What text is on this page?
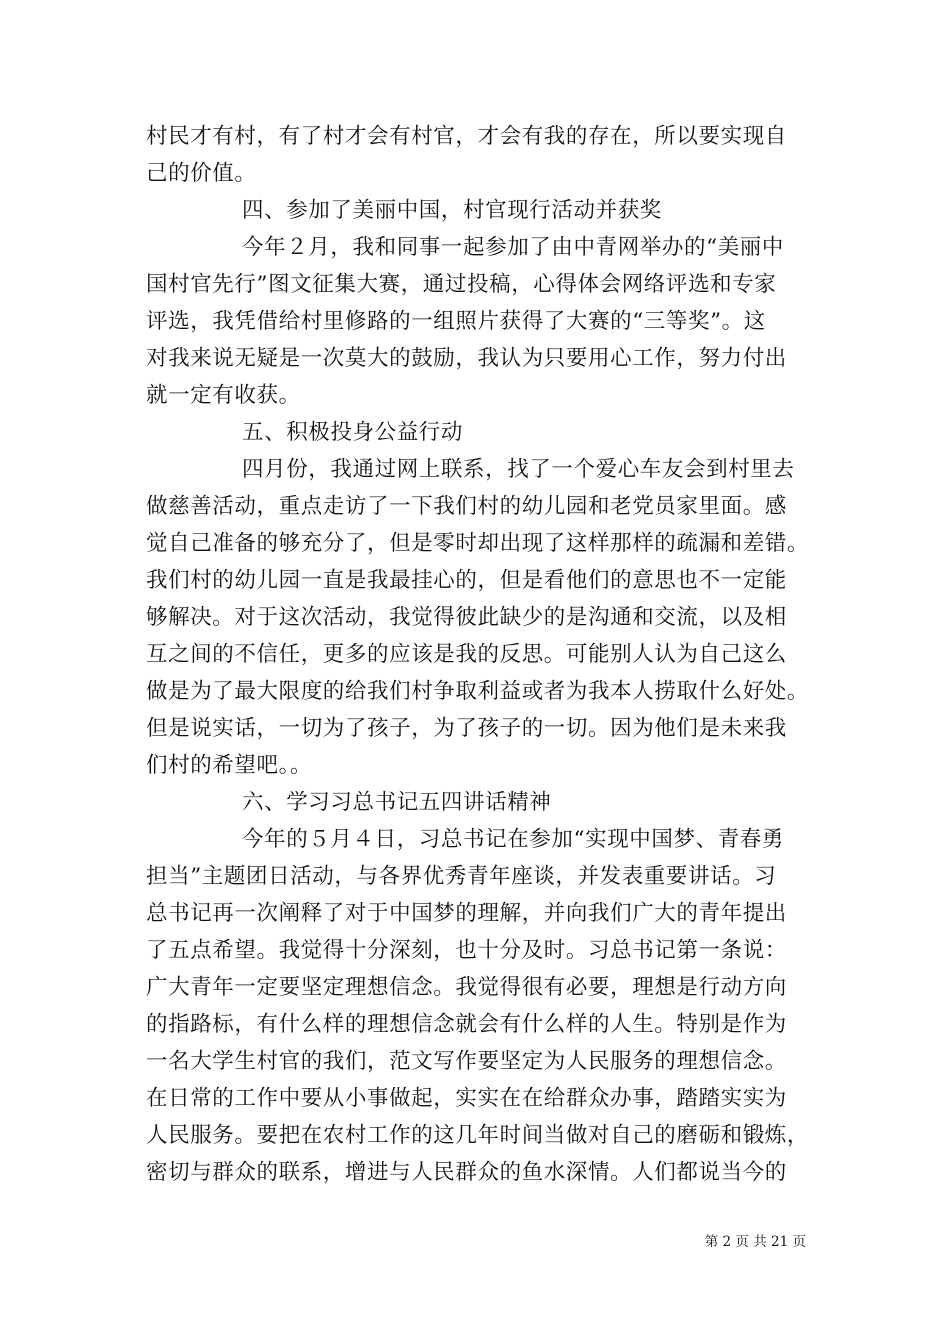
村民才有村，有了村才会有村官，才会有我的存在，所以要实现自
己的价值。
四、参加了美丽中国，村官现行活动并获奖
今年２月，我和同事一起参加了由中青网举办的“美丽中
国村官先行”图文征集大赛，通过投稿，心得体会网络评选和专家
评选，我凭借给村里修路的一组照片获得了大赛的“三等奖”。这
对我来说无疑是一次莫大的鼓励，我认为只要用心工作，努力付出
就一定有收获。
五、积极投身公益行动
四月份，我通过网上联系，找了一个爱心车友会到村里去
做慈善活动，重点走访了一下我们村的幼儿园和老党员家里面。感
觉自己准备的够充分了，但是零时却出现了这样那样的疏漏和差错。
我们村的幼儿园一直是我最挂心的，但是看他们的意思也不一定能
够解决。对于这次活动，我觉得彼此缺少的是沟通和交流，以及相
互之间的不信任，更多的应该是我的反思。可能别人认为自己这么
做是为了最大限度的给我们村争取利益或者为我本人捞取什么好处。
但是说实话，一切为了孩子，为了孩子的一切。因为他们是未来我
们村的希望吧。。
六、学习习总书记五四讲话精神
今年的５月４日，习总书记在参加“实现中国梦、青春勇
担当”主题团日活动，与各界优秀青年座谈，并发表重要讲话。习
总书记再一次阐释了对于中国梦的理解，并向我们广大的青年提出
了五点希望。我觉得十分深刻，也十分及时。习总书记第一条说：
广大青年一定要坚定理想信念。我觉得很有必要，理想是行动方向
的指路标，有什么样的理想信念就会有什么样的人生。特别是作为
一名大学生村官的我们，范文写作要坚定为人民服务的理想信念。
在日常的工作中要从小事做起，实实在在给群众办事，踏踏实实为
人民服务。要把在农村工作的这几年时间当做对自己的磨砺和锻炼，
密切与群众的联系，增进与人民群众的鱼水深情。人们都说当今的
第 2 页 共 21 页
